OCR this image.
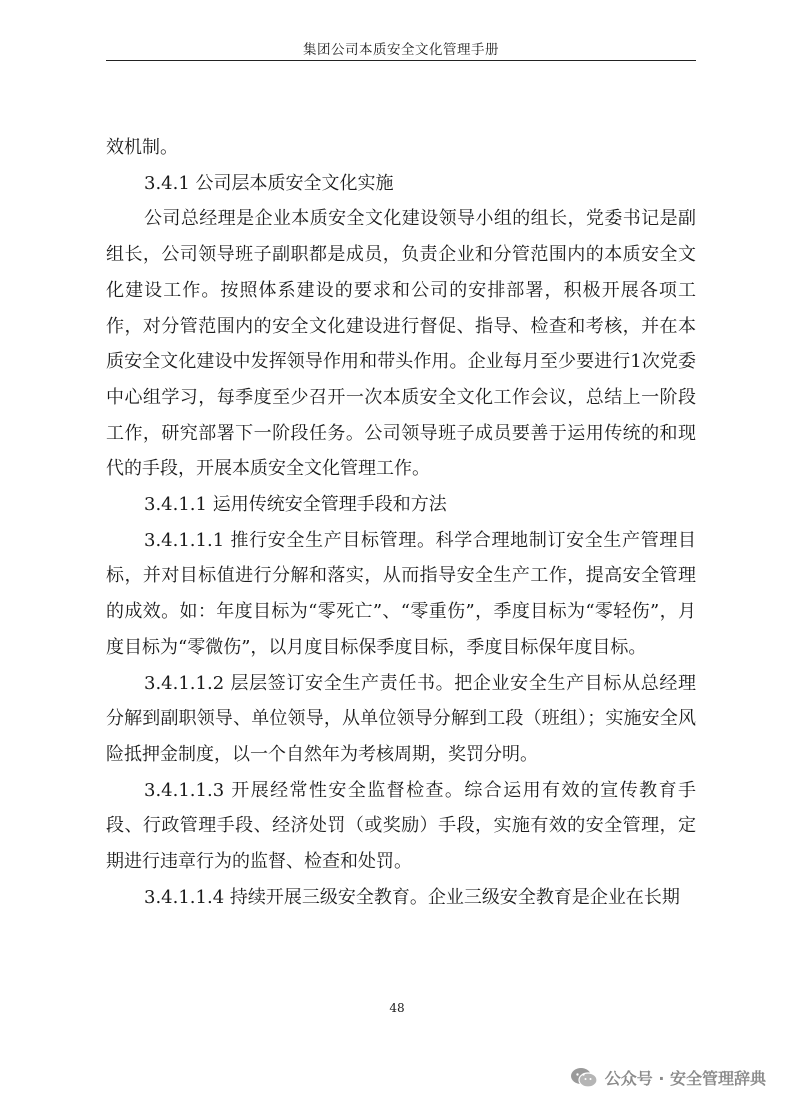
集团公司本质安全文化管理手册

效机制。

3.4.1 公司层本质安全文化实施

公司总经理是企业本质安全文化建设领导小组的组长，党委书记是副组长，公司领导班子副职都是成员，负责企业和分管范围内的本质安全文化建设工作。按照体系建设的要求和公司的安排部署，积极开展各项工作，对分管范围内的安全文化建设进行督促、指导、检查和考核，并在本质安全文化建设中发挥领导作用和带头作用。企业每月至少要进行1次党委中心组学习，每季度至少召开一次本质安全文化工作会议，总结上一阶段工作，研究部署下一阶段任务。公司领导班子成员要善于运用传统的和现代的手段，开展本质安全文化管理工作。

3.4.1.1 运用传统安全管理手段和方法

3.4.1.1.1 推行安全生产目标管理。科学合理地制订安全生产管理目标，并对目标值进行分解和落实，从而指导安全生产工作，提高安全管理的成效。如：年度目标为“零死亡”、“零重伤”，季度目标为“零轻伤”，月度目标为“零微伤”，以月度目标保季度目标，季度目标保年度目标。

3.4.1.1.2 层层签订安全生产责任书。把企业安全生产目标从总经理分解到副职领导、单位领导，从单位领导分解到工段（班组）；实施安全风险抵押金制度，以一个自然年为考核周期，奖罚分明。

3.4.1.1.3 开展经常性安全监督检查。综合运用有效的宣传教育手段、行政管理手段、经济处罚（或奖励）手段，实施有效的安全管理，定期进行违章行为的监督、检查和处罚。

3.4.1.1.4 持续开展三级安全教育。企业三级安全教育是企业在长期

48
公众号 · 安全管理辞典
